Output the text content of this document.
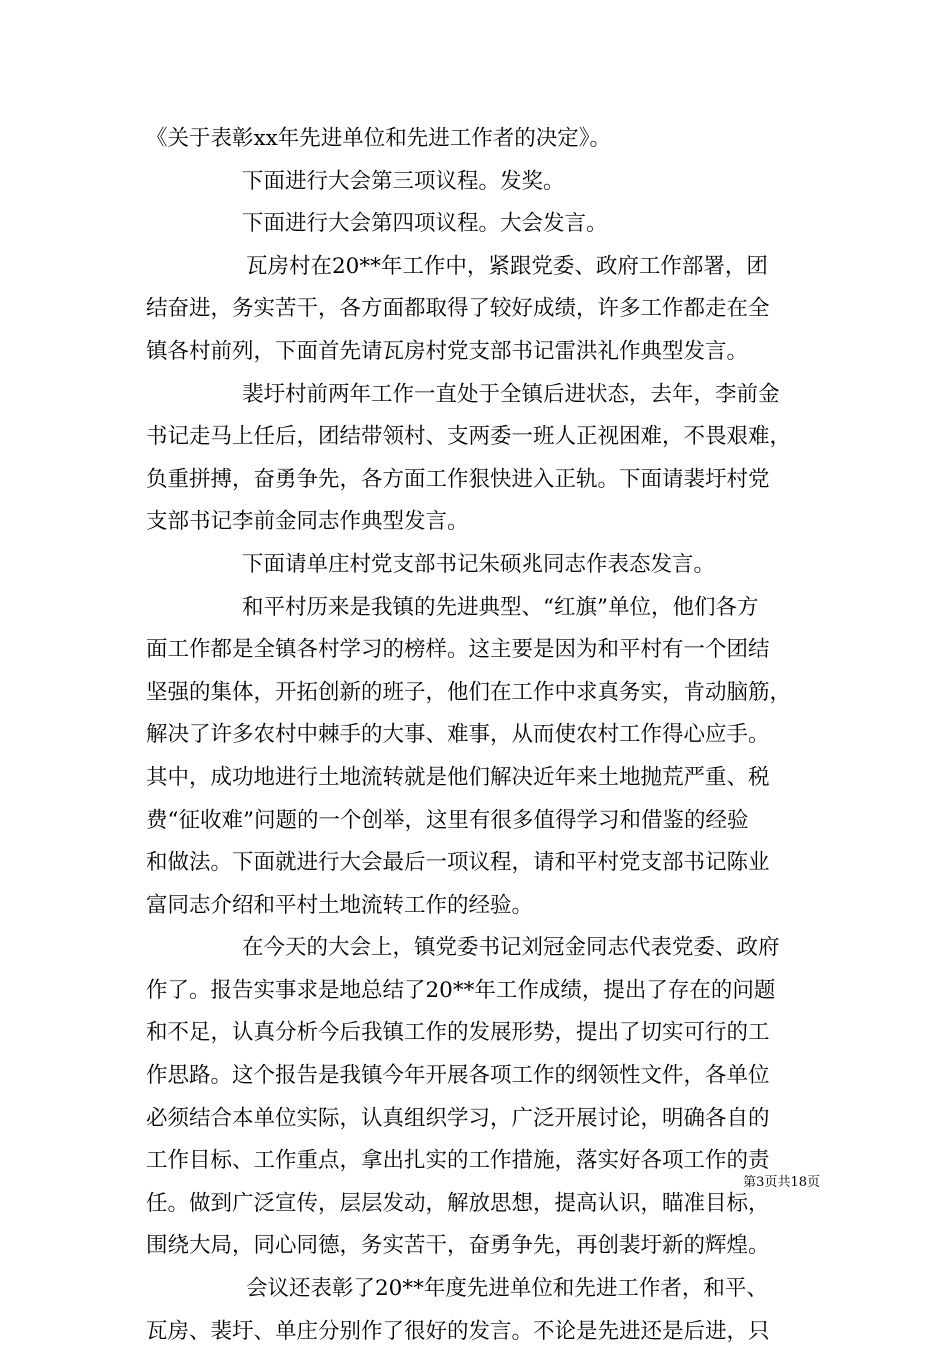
《关于表彰xx年先进单位和先进工作者的决定》。
下面进行大会第三项议程。发奖。
下面进行大会第四项议程。大会发言。
瓦房村在20**年工作中，紧跟党委、政府工作部署，团
结奋进，务实苦干，各方面都取得了较好成绩，许多工作都走在全
镇各村前列，下面首先请瓦房村党支部书记雷洪礼作典型发言。
裴圩村前两年工作一直处于全镇后进状态，去年，李前金
书记走马上任后，团结带领村、支两委一班人正视困难，不畏艰难，
负重拼搏，奋勇争先，各方面工作狠快进入正轨。下面请裴圩村党
支部书记李前金同志作典型发言。
下面请单庄村党支部书记朱硕兆同志作表态发言。
和平村历来是我镇的先进典型、“红旗”单位，他们各方
面工作都是全镇各村学习的榜样。这主要是因为和平村有一个团结
坚强的集体，开拓创新的班子，他们在工作中求真务实，肯动脑筋，
解决了许多农村中棘手的大事、难事，从而使农村工作得心应手。
其中，成功地进行土地流转就是他们解决近年来土地抛荒严重、税
费“征收难”问题的一个创举，这里有很多值得学习和借鉴的经验
和做法。下面就进行大会最后一项议程，请和平村党支部书记陈业
富同志介绍和平村土地流转工作的经验。
在今天的大会上，镇党委书记刘冠金同志代表党委、政府
作了。报告实事求是地总结了20**年工作成绩，提出了存在的问题
和不足，认真分析今后我镇工作的发展形势，提出了切实可行的工
作思路。这个报告是我镇今年开展各项工作的纲领性文件，各单位
必须结合本单位实际，认真组织学习，广泛开展讨论，明确各自的
工作目标、工作重点，拿出扎实的工作措施，落实好各项工作的责
任。做到广泛宣传，层层发动，解放思想，提高认识，瞄准目标，
围绕大局，同心同德，务实苦干，奋勇争先，再创裴圩新的辉煌。
会议还表彰了20**年度先进单位和先进工作者，和平、
瓦房、裴圩、单庄分别作了很好的发言。不论是先进还是后进，只
第3页共18页
